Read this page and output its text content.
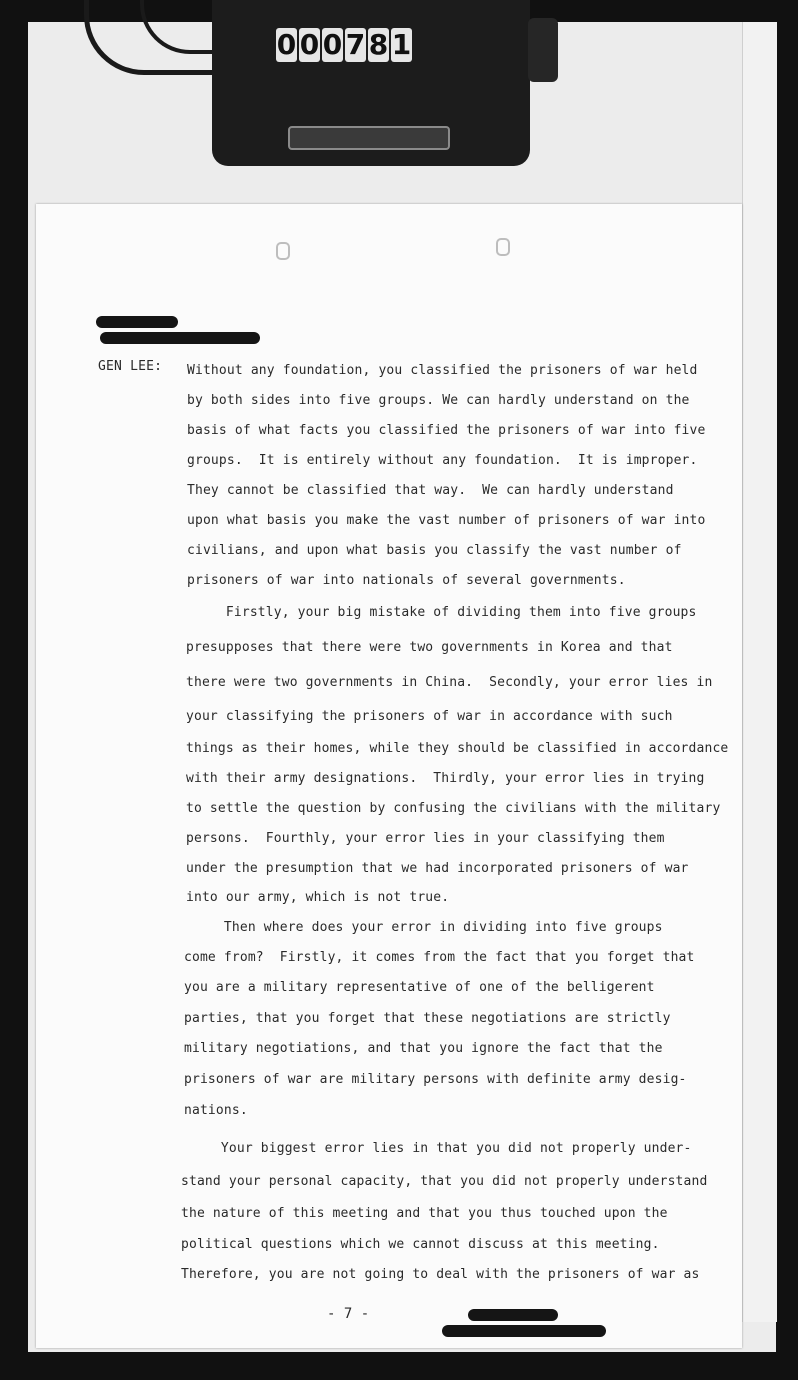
0 0 0 7 8 1
GEN LEE: Without any foundation, you classified the prisoners of war held
by both sides into five groups. We can hardly understand on the
basis of what facts you classified the prisoners of war into five
groups.  It is entirely without any foundation.  It is improper.
They cannot be classified that way.  We can hardly understand
upon what basis you make the vast number of prisoners of war into
civilians, and upon what basis you classify the vast number of
prisoners of war into nationals of several governments.
Firstly, your big mistake of dividing them into five groups
presupposes that there were two governments in Korea and that
there were two governments in China.  Secondly, your error lies in
your classifying the prisoners of war in accordance with such
things as their homes, while they should be classified in accordance
with their army designations.  Thirdly, your error lies in trying
to settle the question by confusing the civilians with the military
persons.  Fourthly, your error lies in your classifying them
under the presumption that we had incorporated prisoners of war
into our army, which is not true.
Then where does your error in dividing into five groups
come from?  Firstly, it comes from the fact that you forget that
you are a military representative of one of the belligerent
parties, that you forget that these negotiations are strictly
military negotiations, and that you ignore the fact that the
prisoners of war are military persons with definite army desig-
nations.
Your biggest error lies in that you did not properly under-
stand your personal capacity, that you did not properly understand
the nature of this meeting and that you thus touched upon the
political questions which we cannot discuss at this meeting.
Therefore, you are not going to deal with the prisoners of war as
- 7 -
